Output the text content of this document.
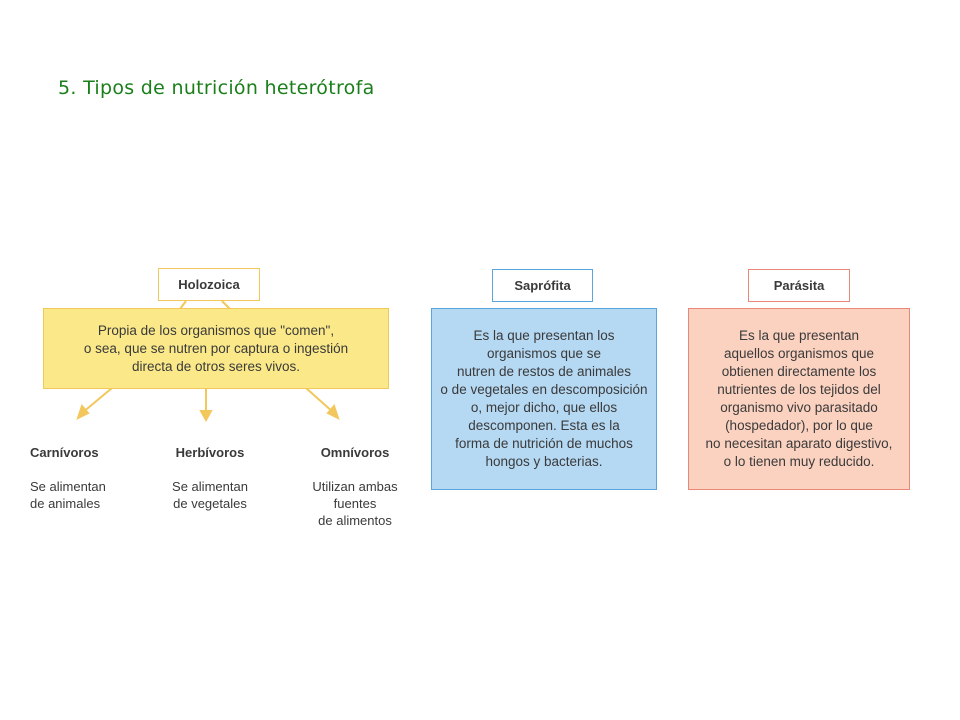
5. Tipos de nutrición heterótrofa
Holozoica
Propia de los organismos que "comen",
o sea, que se nutren por captura o ingestión
directa de otros seres vivos.

Carnívoros

Se alimentan
de animales

Herbívoros

Se alimentan
de vegetales

Omnívoros

Utilizan ambas
fuentes
de alimentos

Saprófita
Es la que presentan los
organismos que se
nutren de restos de animales
o de vegetales en descomposición
o, mejor dicho, que ellos
descomponen. Esta es la
forma de nutrición de muchos
hongos y bacterias.
Parásita
Es la que presentan
aquellos organismos que
obtienen directamente los
nutrientes de los tejidos del
organismo vivo parasitado
(hospedador), por lo que
no necesitan aparato digestivo,
o lo tienen muy reducido.
